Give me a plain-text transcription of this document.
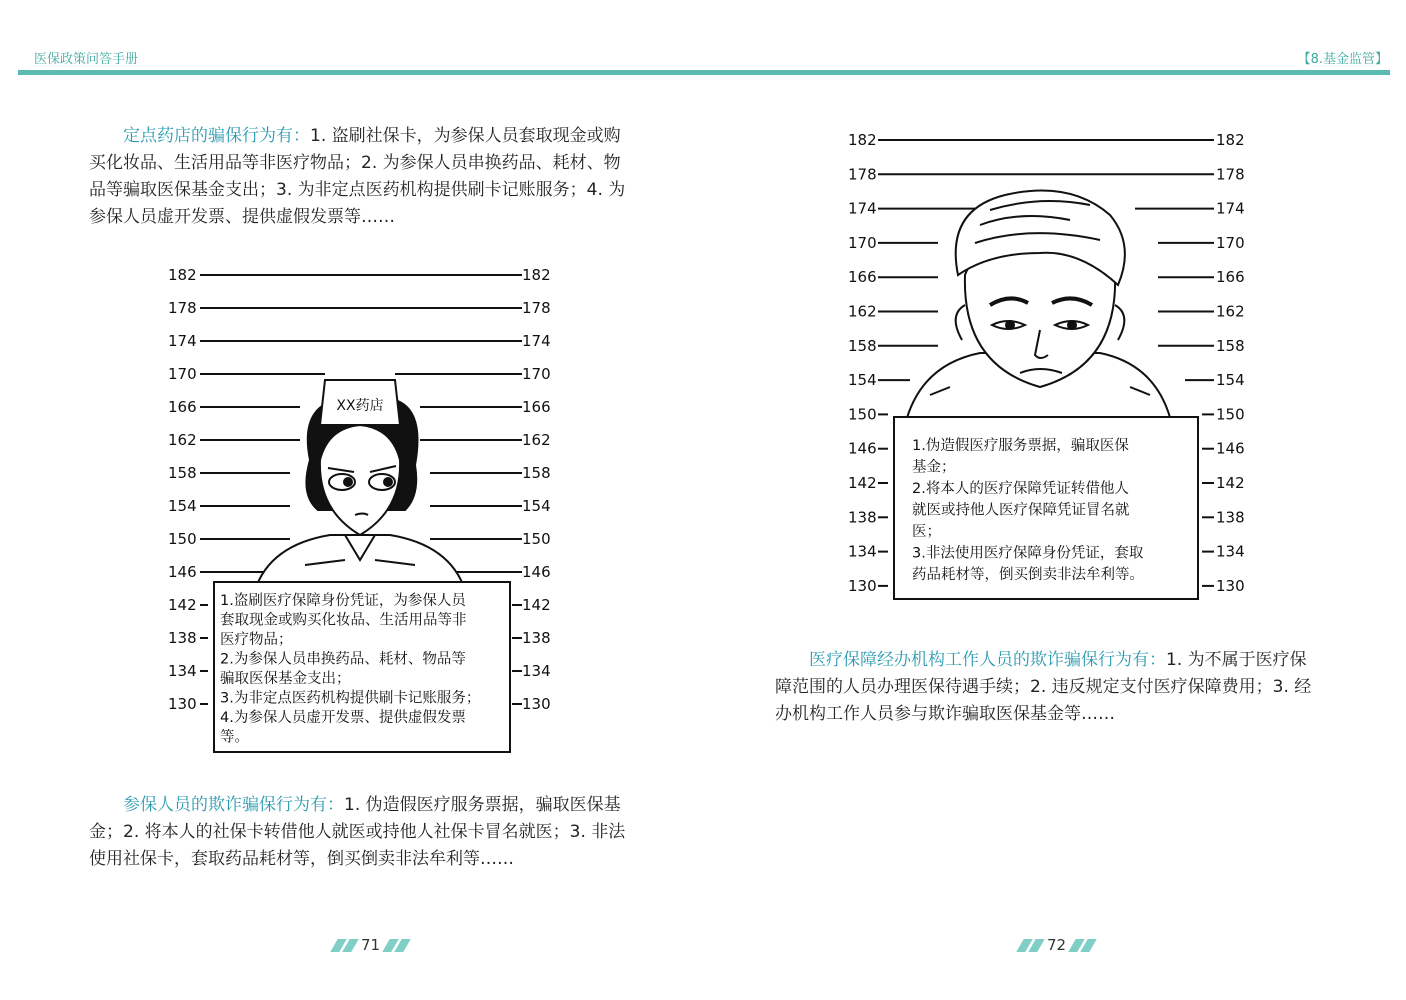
医保政策问答手册	【8.基金监管】

定点药店的骗保行为有：1. 盗刷社保卡，为参保人员套取现金或购买化妆品、生活用品等非医疗物品；2. 为参保人员串换药品、耗材、物品等骗取医保基金支出；3. 为非定点医药机构提供刷卡记账服务；4. 为参保人员虚开发票、提供虚假发票等……

182	182
178	178
174	174
170	170
166	166
162	162
158	158
154	154
150	150
146	146
142	142
138	138
134	134
130	130
XX药店
1.盗刷医疗保障身份凭证，为参保人员
套取现金或购买化妆品、生活用品等非
医疗物品；
2.为参保人员串换药品、耗材、物品等
骗取医保基金支出；
3.为非定点医药机构提供刷卡记账服务；
4.为参保人员虚开发票、提供虚假发票
等。

参保人员的欺诈骗保行为有：1. 伪造假医疗服务票据，骗取医保基金；2. 将本人的社保卡转借他人就医或持他人社保卡冒名就医；3. 非法使用社保卡，套取药品耗材等，倒买倒卖非法牟利等……

71
182	182
178	178
174	174
170	170
166	166
162	162
158	158
154	154
150	150
146	146
142	142
138	138
134	134
130	130
1.伪造假医疗服务票据，骗取医保
基金；
2.将本人的医疗保障凭证转借他人
就医或持他人医疗保障凭证冒名就
医；
3.非法使用医疗保障身份凭证，套取
药品耗材等，倒买倒卖非法牟利等。

医疗保障经办机构工作人员的欺诈骗保行为有：1. 为不属于医疗保障范围的人员办理医保待遇手续；2. 违反规定支付医疗保障费用；3. 经办机构工作人员参与欺诈骗取医保基金等……

72
